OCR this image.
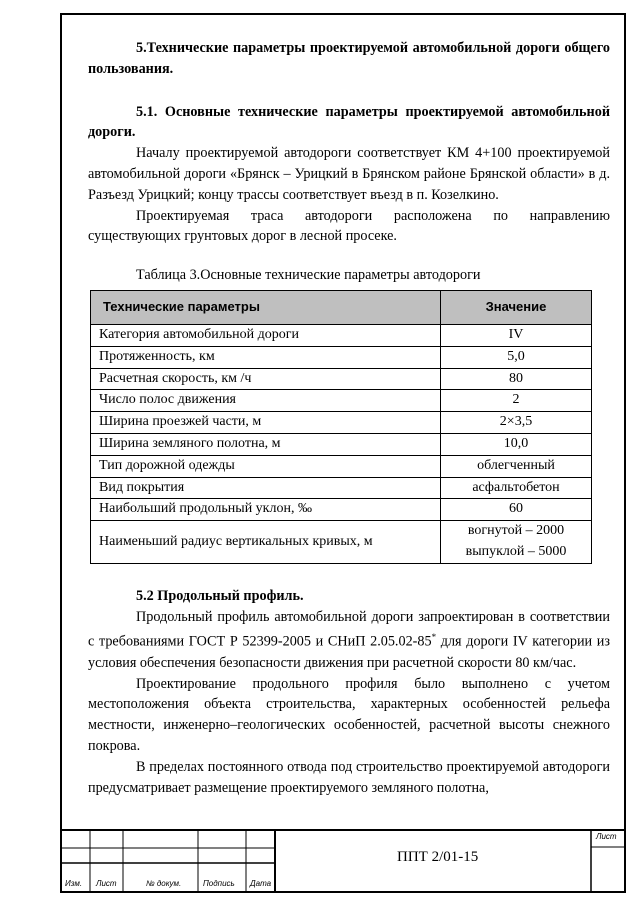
5.Технические параметры проектируемой автомобильной дороги общего пользования.

5.1. Основные технические параметры проектируемой автомобильной дороги.

Началу проектируемой автодороги соответствует КМ 4+100 проектируемой автомобильной дороги «Брянск – Урицкий в Брянском районе Брянской области» в д. Разъезд Урицкий; концу трассы соответствует въезд в п. Козелкино.

Проектируемая траса автодороги расположена по направлению существующих грунтовых дорог в лесной просеке.

Таблица 3.Основные технические параметры автодороги

Технические параметры	Значение
Категория автомобильной дороги	IV
Протяженность, км	5,0
Расчетная скорость, км /ч	80
Число полос движения	2
Ширина проезжей части, м	2×3,5
Ширина земляного полотна, м	10,0
Тип дорожной одежды	облегченный
Вид покрытия	асфальтобетон
Наибольший продольный уклон, ‰	60
Наименьший радиус вертикальных кривых, м	вогнутой – 2000
выпуклой – 5000

5.2 Продольный профиль.

Продольный профиль автомобильной дороги запроектирован в соответствии с требованиями ГОСТ Р 52399-2005 и СНиП 2.05.02-85* для дороги IV категории из условия обеспечения безопасности движения при расчетной скорости 80 км/час.

Проектирование продольного профиля было выполнено с учетом местоположения объекта строительства, характерных особенностей рельефа местности, инженерно–геологических особенностей, расчетной высоты снежного покрова.

В пределах постоянного отвода под строительство проектируемой автодороги предусматривает размещение проектируемого земляного полотна,

Изм. Лист	№ докум.	Подпись Дата
ППТ 2/01-15
Лист
